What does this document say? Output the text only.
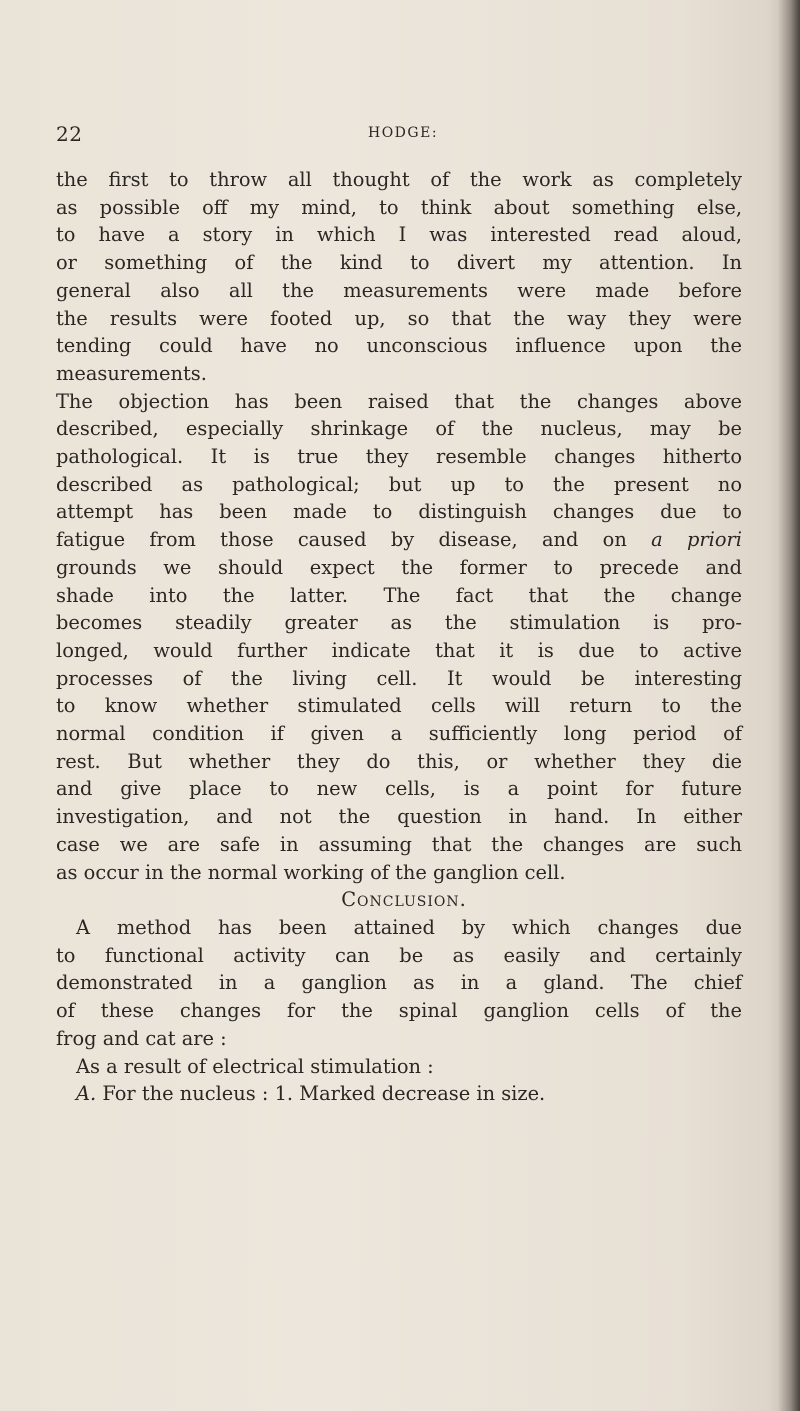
22	HODGE:
the first to throw all thought of the work as completely
as possible off my mind, to think about something else,
to have a story in which I was interested read aloud,
or something of the kind to divert my attention. In
general also all the measurements were made before
the results were footed up, so that the way they were
tending could have no unconscious influence upon the
measurements.
The objection has been raised that the changes above
described, especially shrinkage of the nucleus, may be
pathological. It is true they resemble changes hitherto
described as pathological; but up to the present no
attempt has been made to distinguish changes due to
fatigue from those caused by disease, and on a priori
grounds we should expect the former to precede and
shade into the latter. The fact that the change
becomes steadily greater as the stimulation is pro-
longed, would further indicate that it is due to active
processes of the living cell. It would be interesting
to know whether stimulated cells will return to the
normal condition if given a sufficiently long period of
rest. But whether they do this, or whether they die
and give place to new cells, is a point for future
investigation, and not the question in hand. In either
case we are safe in assuming that the changes are such
as occur in the normal working of the ganglion cell.
Conclusion.
A method has been attained by which changes due
to functional activity can be as easily and certainly
demonstrated in a ganglion as in a gland. The chief
of these changes for the spinal ganglion cells of the
frog and cat are :
As a result of electrical stimulation :
A. For the nucleus : 1. Marked decrease in size.
